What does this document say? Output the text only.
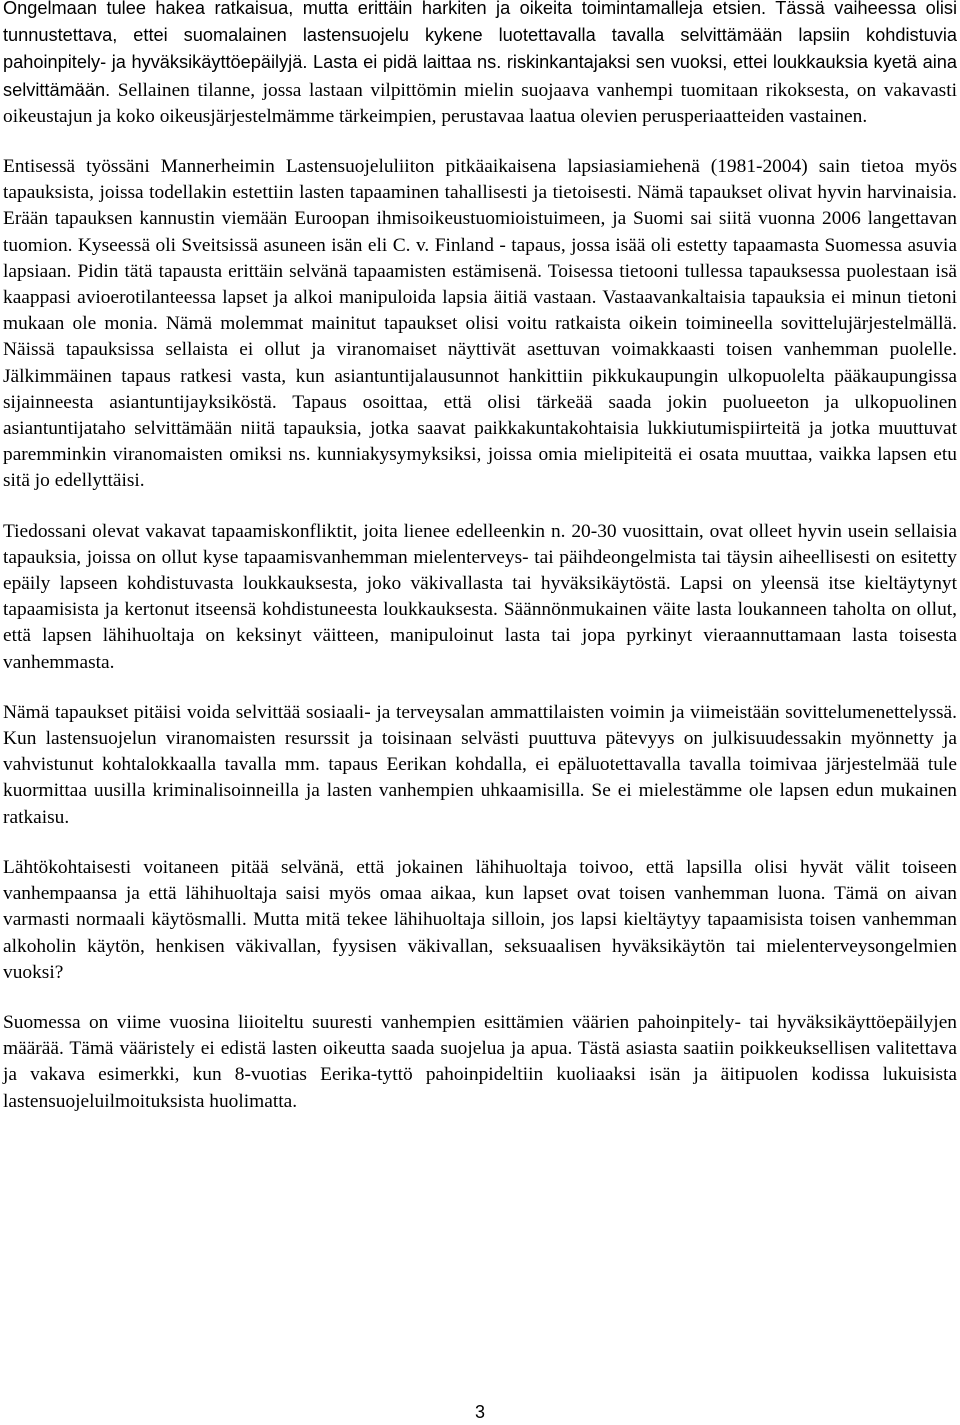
Ongelmaan tulee hakea ratkaisua, mutta erittäin harkiten ja oikeita toimintamalleja etsien. Tässä vaiheessa olisi tunnustettava, ettei suomalainen lastensuojelu kykene luotettavalla tavalla selvittämään lapsiin kohdistuvia pahoinpitely- ja hyväksikäyttöepäilyjä. Lasta ei pidä laittaa ns. riskinkantajaksi sen vuoksi, ettei loukkauksia kyetä aina selvittämään. Sellainen tilanne, jossa lastaan vilpittömin mielin suojaava vanhempi tuomitaan rikoksesta, on vakavasti oikeustajun ja koko oikeusjärjestelmämme tärkeimpien, perustavaa laatua olevien perusperiaatteiden vastainen.

Entisessä työssäni Mannerheimin Lastensuojeluliiton pitkäaikaisena lapsiasiamiehenä (1981-2004) sain tietoa myös tapauksista, joissa todellakin estettiin lasten tapaaminen tahallisesti ja tietoisesti. Nämä tapaukset olivat hyvin harvinaisia. Erään tapauksen kannustin viemään Euroopan ihmisoikeustuomioistuimeen, ja Suomi sai siitä vuonna 2006 langettavan tuomion. Kyseessä oli Sveitsissä asuneen isän eli C. v. Finland - tapaus, jossa isää oli estetty tapaamasta Suomessa asuvia lapsiaan. Pidin tätä tapausta erittäin selvänä tapaamisten estämisenä. Toisessa tietooni tullessa tapauksessa puolestaan isä kaappasi avioerotilanteessa lapset ja alkoi manipuloida lapsia äitiä vastaan. Vastaavankaltaisia tapauksia ei minun tietoni mukaan ole monia. Nämä molemmat mainitut tapaukset olisi voitu ratkaista oikein toimineella sovittelujärjestelmällä. Näissä tapauksissa sellaista ei ollut ja viranomaiset näyttivät asettuvan voimakkaasti toisen vanhemman puolelle. Jälkimmäinen tapaus ratkesi vasta, kun asiantuntijalausunnot hankittiin pikkukaupungin ulkopuolelta pääkaupungissa sijainneesta asiantuntijayksiköstä. Tapaus osoittaa, että olisi tärkeää saada jokin puolueeton ja ulkopuolinen asiantuntijataho selvittämään niitä tapauksia, jotka saavat paikkakuntakohtaisia lukkiutumispiirteitä ja jotka muuttuvat paremminkin viranomaisten omiksi ns. kunniakysymyksiksi, joissa omia mielipiteitä ei osata muuttaa, vaikka lapsen etu sitä jo edellyttäisi.

Tiedossani olevat vakavat tapaamiskonfliktit, joita lienee edelleenkin n. 20-30 vuosittain, ovat olleet hyvin usein sellaisia tapauksia, joissa on ollut kyse tapaamisvanhemman mielenterveys- tai päihdeongelmista tai täysin aiheellisesti on esitetty epäily lapseen kohdistuvasta loukkauksesta, joko väkivallasta tai hyväksikäytöstä. Lapsi on yleensä itse kieltäytynyt tapaamisista ja kertonut itseensä kohdistuneesta loukkauksesta. Säännönmukainen väite lasta loukanneen taholta on ollut, että lapsen lähihuoltaja on keksinyt väitteen, manipuloinut lasta tai jopa pyrkinyt vieraannuttamaan lasta toisesta vanhemmasta.

Nämä tapaukset pitäisi voida selvittää sosiaali- ja terveysalan ammattilaisten voimin ja viimeistään sovittelumenettelyssä. Kun lastensuojelun viranomaisten resurssit ja toisinaan selvästi puuttuva pätevyys on julkisuudessakin myönnetty ja vahvistunut kohtalokkaalla tavalla mm. tapaus Eerikan kohdalla, ei epäluotettavalla tavalla toimivaa järjestelmää tule kuormittaa uusilla kriminalisoinneilla ja lasten vanhempien uhkaamisilla. Se ei mielestämme ole lapsen edun mukainen ratkaisu.

Lähtökohtaisesti voitaneen pitää selvänä, että jokainen lähihuoltaja toivoo, että lapsilla olisi hyvät välit toiseen vanhempaansa ja että lähihuoltaja saisi myös omaa aikaa, kun lapset ovat toisen vanhemman luona. Tämä on aivan varmasti normaali käytösmalli. Mutta mitä tekee lähihuoltaja silloin, jos lapsi kieltäytyy tapaamisista toisen vanhemman alkoholin käytön, henkisen väkivallan, fyysisen väkivallan, seksuaalisen hyväksikäytön tai mielenterveysongelmien vuoksi?

Suomessa on viime vuosina liioiteltu suuresti vanhempien esittämien väärien pahoinpitely- tai hyväksikäyttöepäilyjen määrää. Tämä vääristely ei edistä lasten oikeutta saada suojelua ja apua. Tästä asiasta saatiin poikkeuksellisen valitettava ja vakava esimerkki, kun 8-vuotias Eerika-tyttö pahoinpideltiin kuoliaaksi isän ja äitipuolen kodissa lukuisista lastensuojeluilmoituksista huolimatta.

3
